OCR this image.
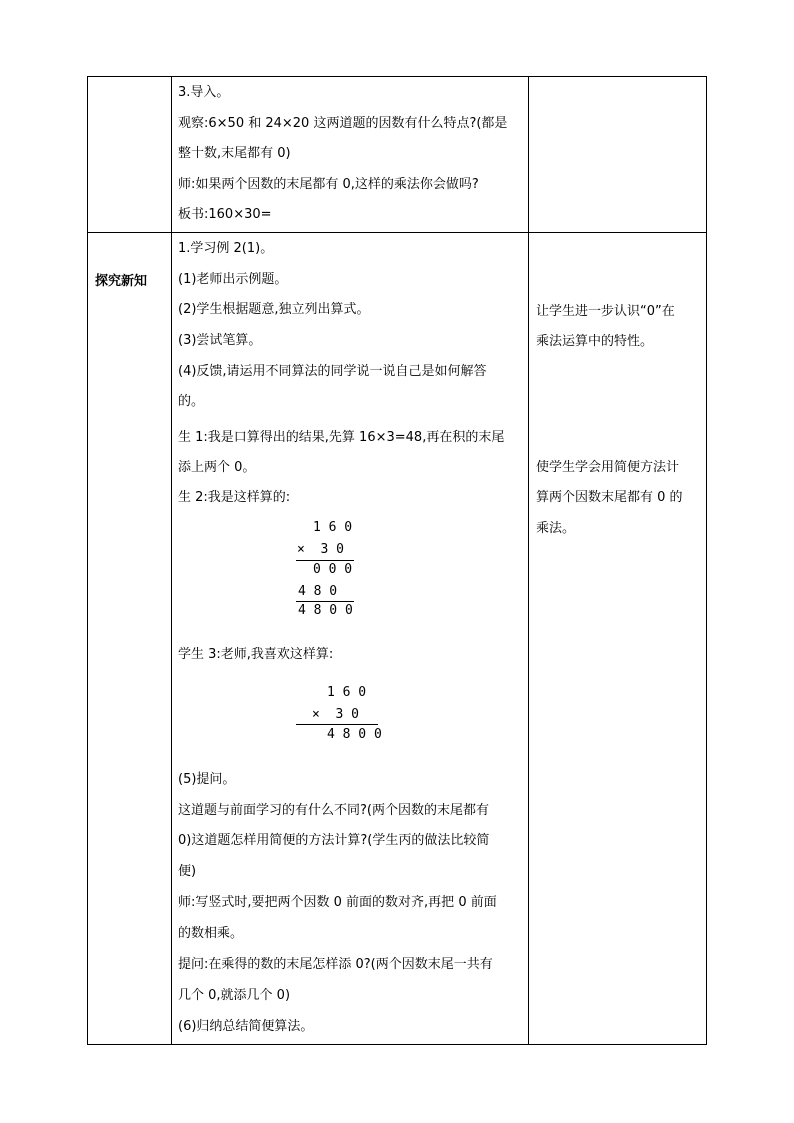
3.导入。
观察:6×50 和 24×20 这两道题的因数有什么特点?(都是
整十数,末尾都有 0)
师:如果两个因数的末尾都有 0,这样的乘法你会做吗?
板书:160×30=
探究新知
1.学习例 2(1)。
(1)老师出示例题。
(2)学生根据题意,独立列出算式。
(3)尝试笔算。
(4)反馈,请运用不同算法的同学说一说自己是如何解答
的。
生 1:我是口算得出的结果,先算 16×3=48,再在积的末尾
添上两个 0。
生 2:我是这样算的:
1 6 0
×  3 0
0 0 0
4 8 0
4 8 0 0
学生 3:老师,我喜欢这样算:
1 6 0
×  3 0
4 8 0 0
(5)提问。
这道题与前面学习的有什么不同?(两个因数的末尾都有
0)这道题怎样用简便的方法计算?(学生丙的做法比较简
便)
师:写竖式时,要把两个因数 0 前面的数对齐,再把 0 前面
的数相乘。
提问:在乘得的数的末尾怎样添 0?(两个因数末尾一共有
几个 0,就添几个 0)
(6)归纳总结简便算法。
让学生进一步认识“0”在
乘法运算中的特性。
使学生学会用简便方法计
算两个因数末尾都有 0 的
乘法。
